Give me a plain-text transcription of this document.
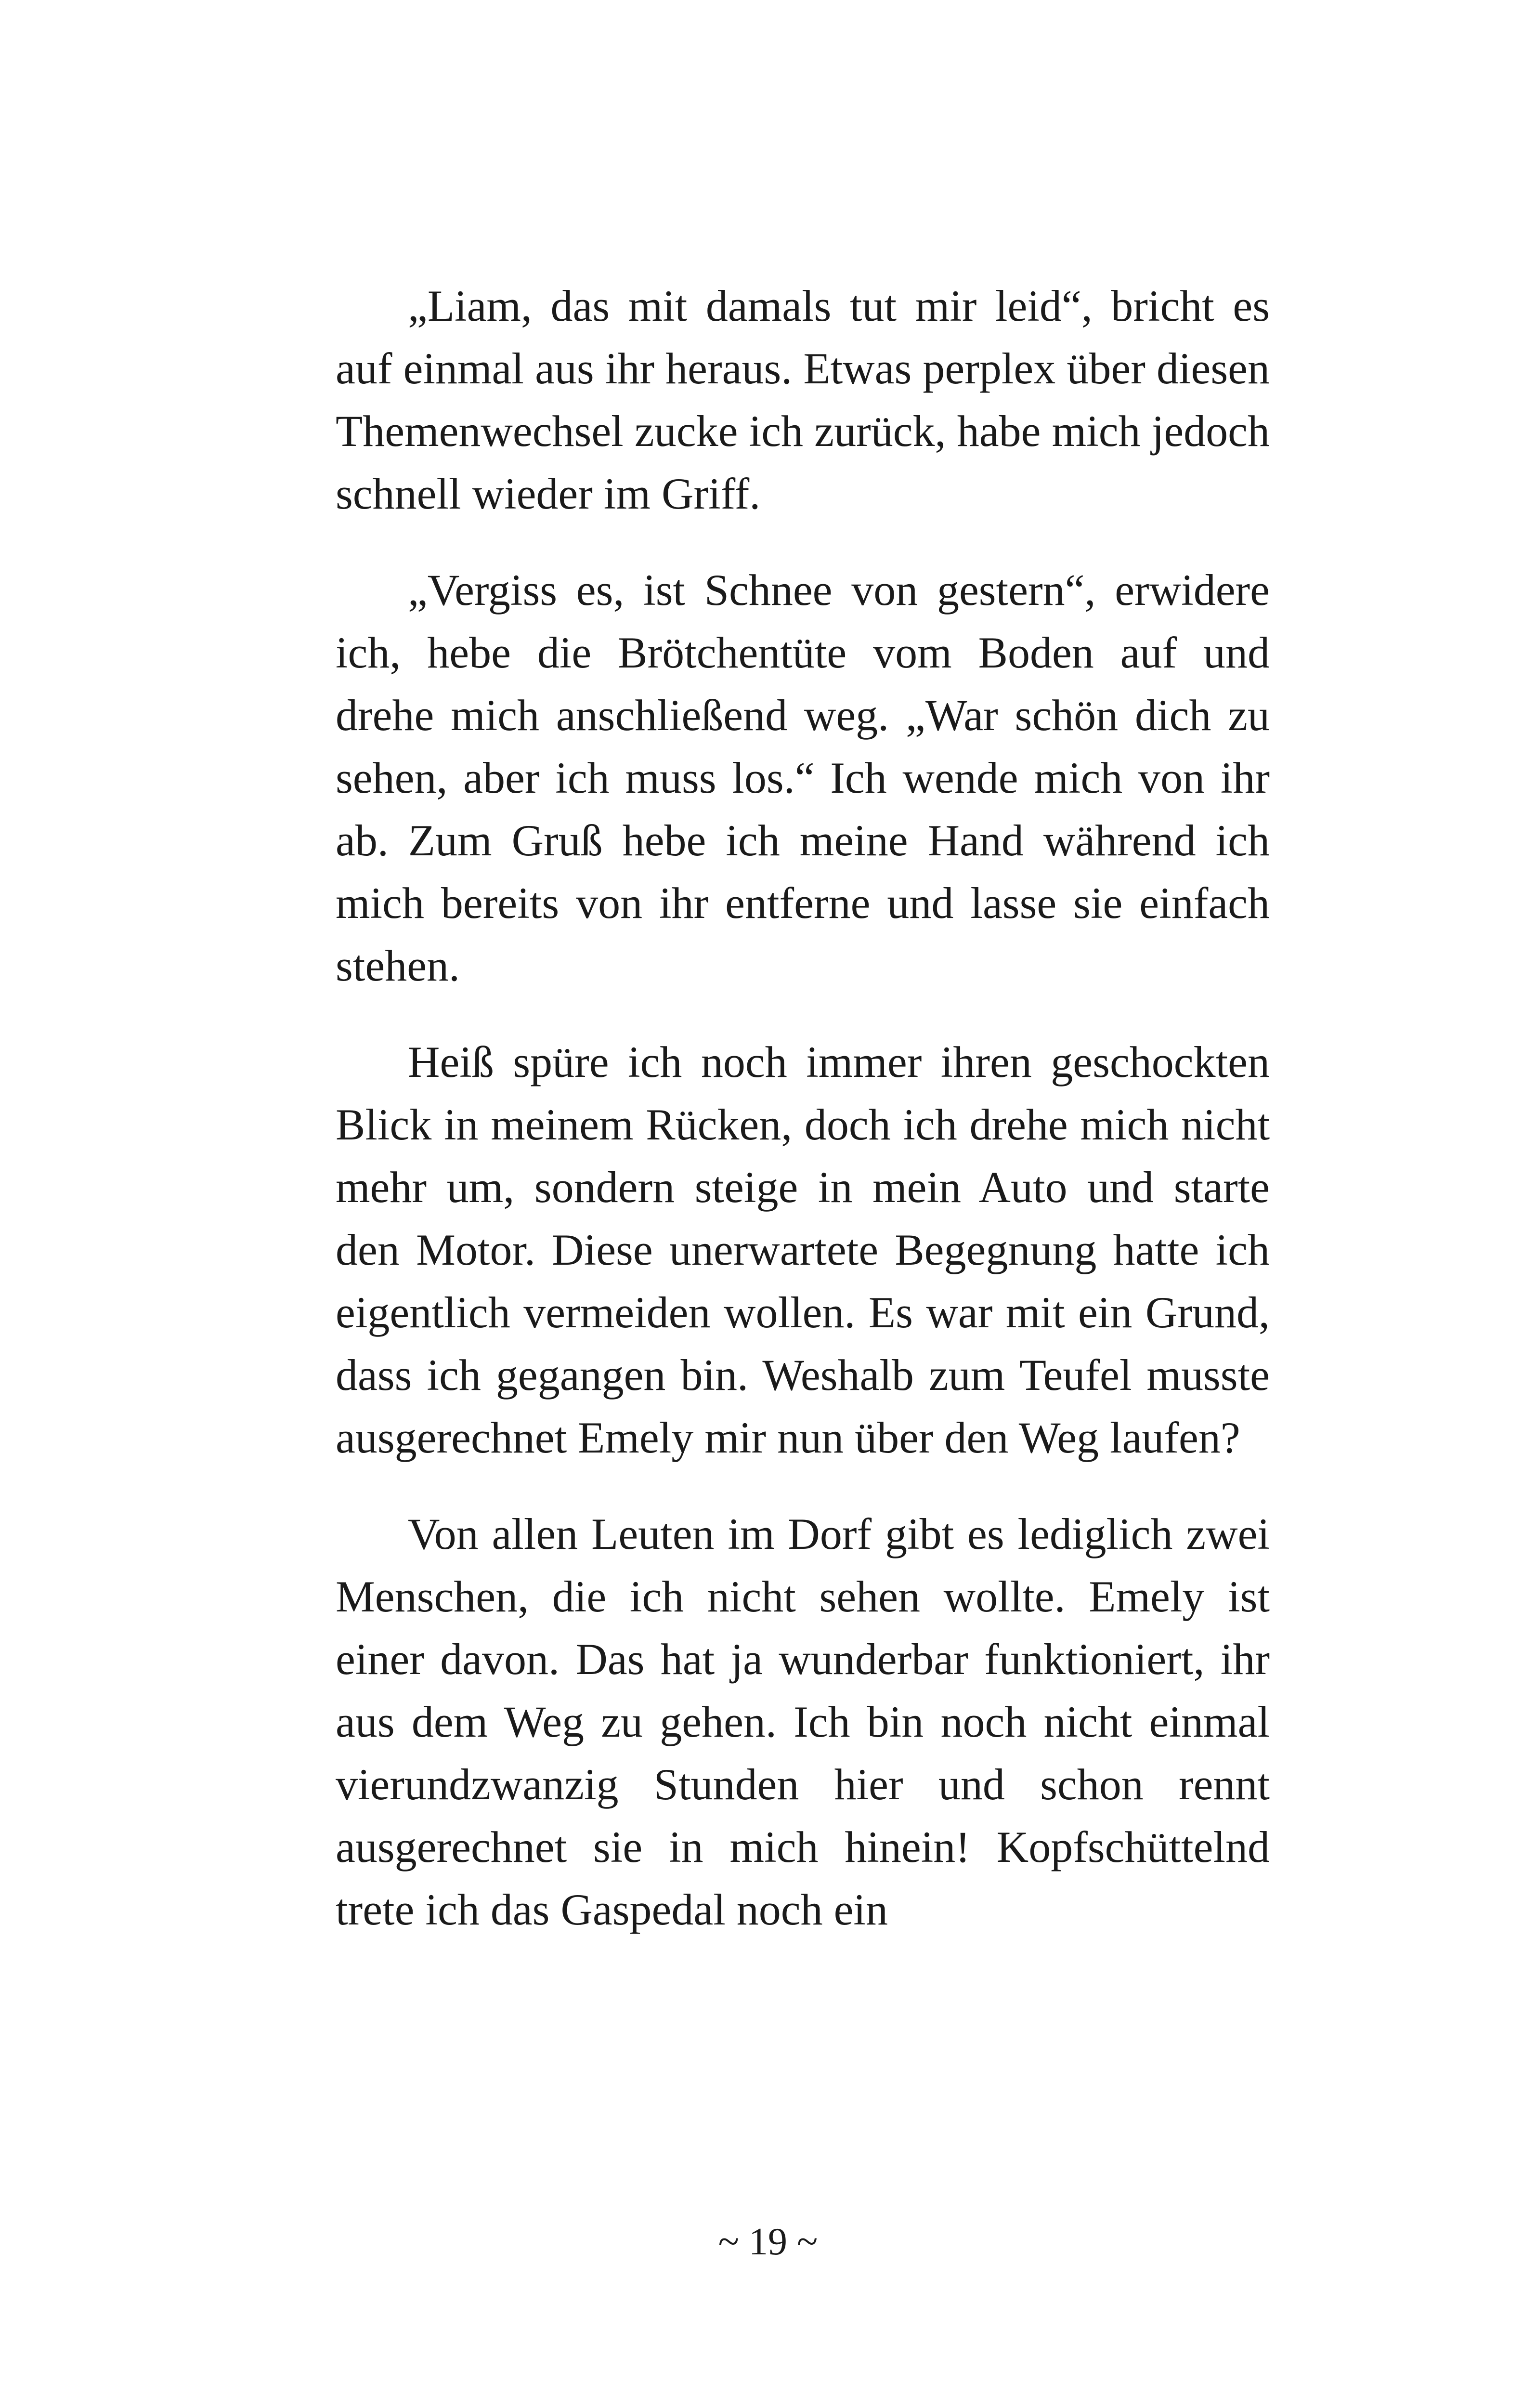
„Liam, das mit damals tut mir leid“, bricht es auf einmal aus ihr heraus. Etwas perplex über diesen Themenwechsel zucke ich zurück, habe mich jedoch schnell wieder im Griff.

„Vergiss es, ist Schnee von gestern“, erwidere ich, hebe die Brötchentüte vom Boden auf und drehe mich anschließend weg. „War schön dich zu sehen, aber ich muss los.“ Ich wende mich von ihr ab. Zum Gruß hebe ich meine Hand während ich mich bereits von ihr entferne und lasse sie einfach stehen.

Heiß spüre ich noch immer ihren geschockten Blick in meinem Rücken, doch ich drehe mich nicht mehr um, sondern steige in mein Auto und starte den Motor. Diese unerwartete Begegnung hatte ich eigentlich vermeiden wollen. Es war mit ein Grund, dass ich gegangen bin. Weshalb zum Teufel musste ausgerechnet Emely mir nun über den Weg laufen?

Von allen Leuten im Dorf gibt es lediglich zwei Menschen, die ich nicht sehen wollte. Emely ist einer davon. Das hat ja wunderbar funktioniert, ihr aus dem Weg zu gehen. Ich bin noch nicht einmal vierundzwanzig Stunden hier und schon rennt ausgerechnet sie in mich hinein! Kopfschüttelnd trete ich das Gaspedal noch ein

~ 19 ~
